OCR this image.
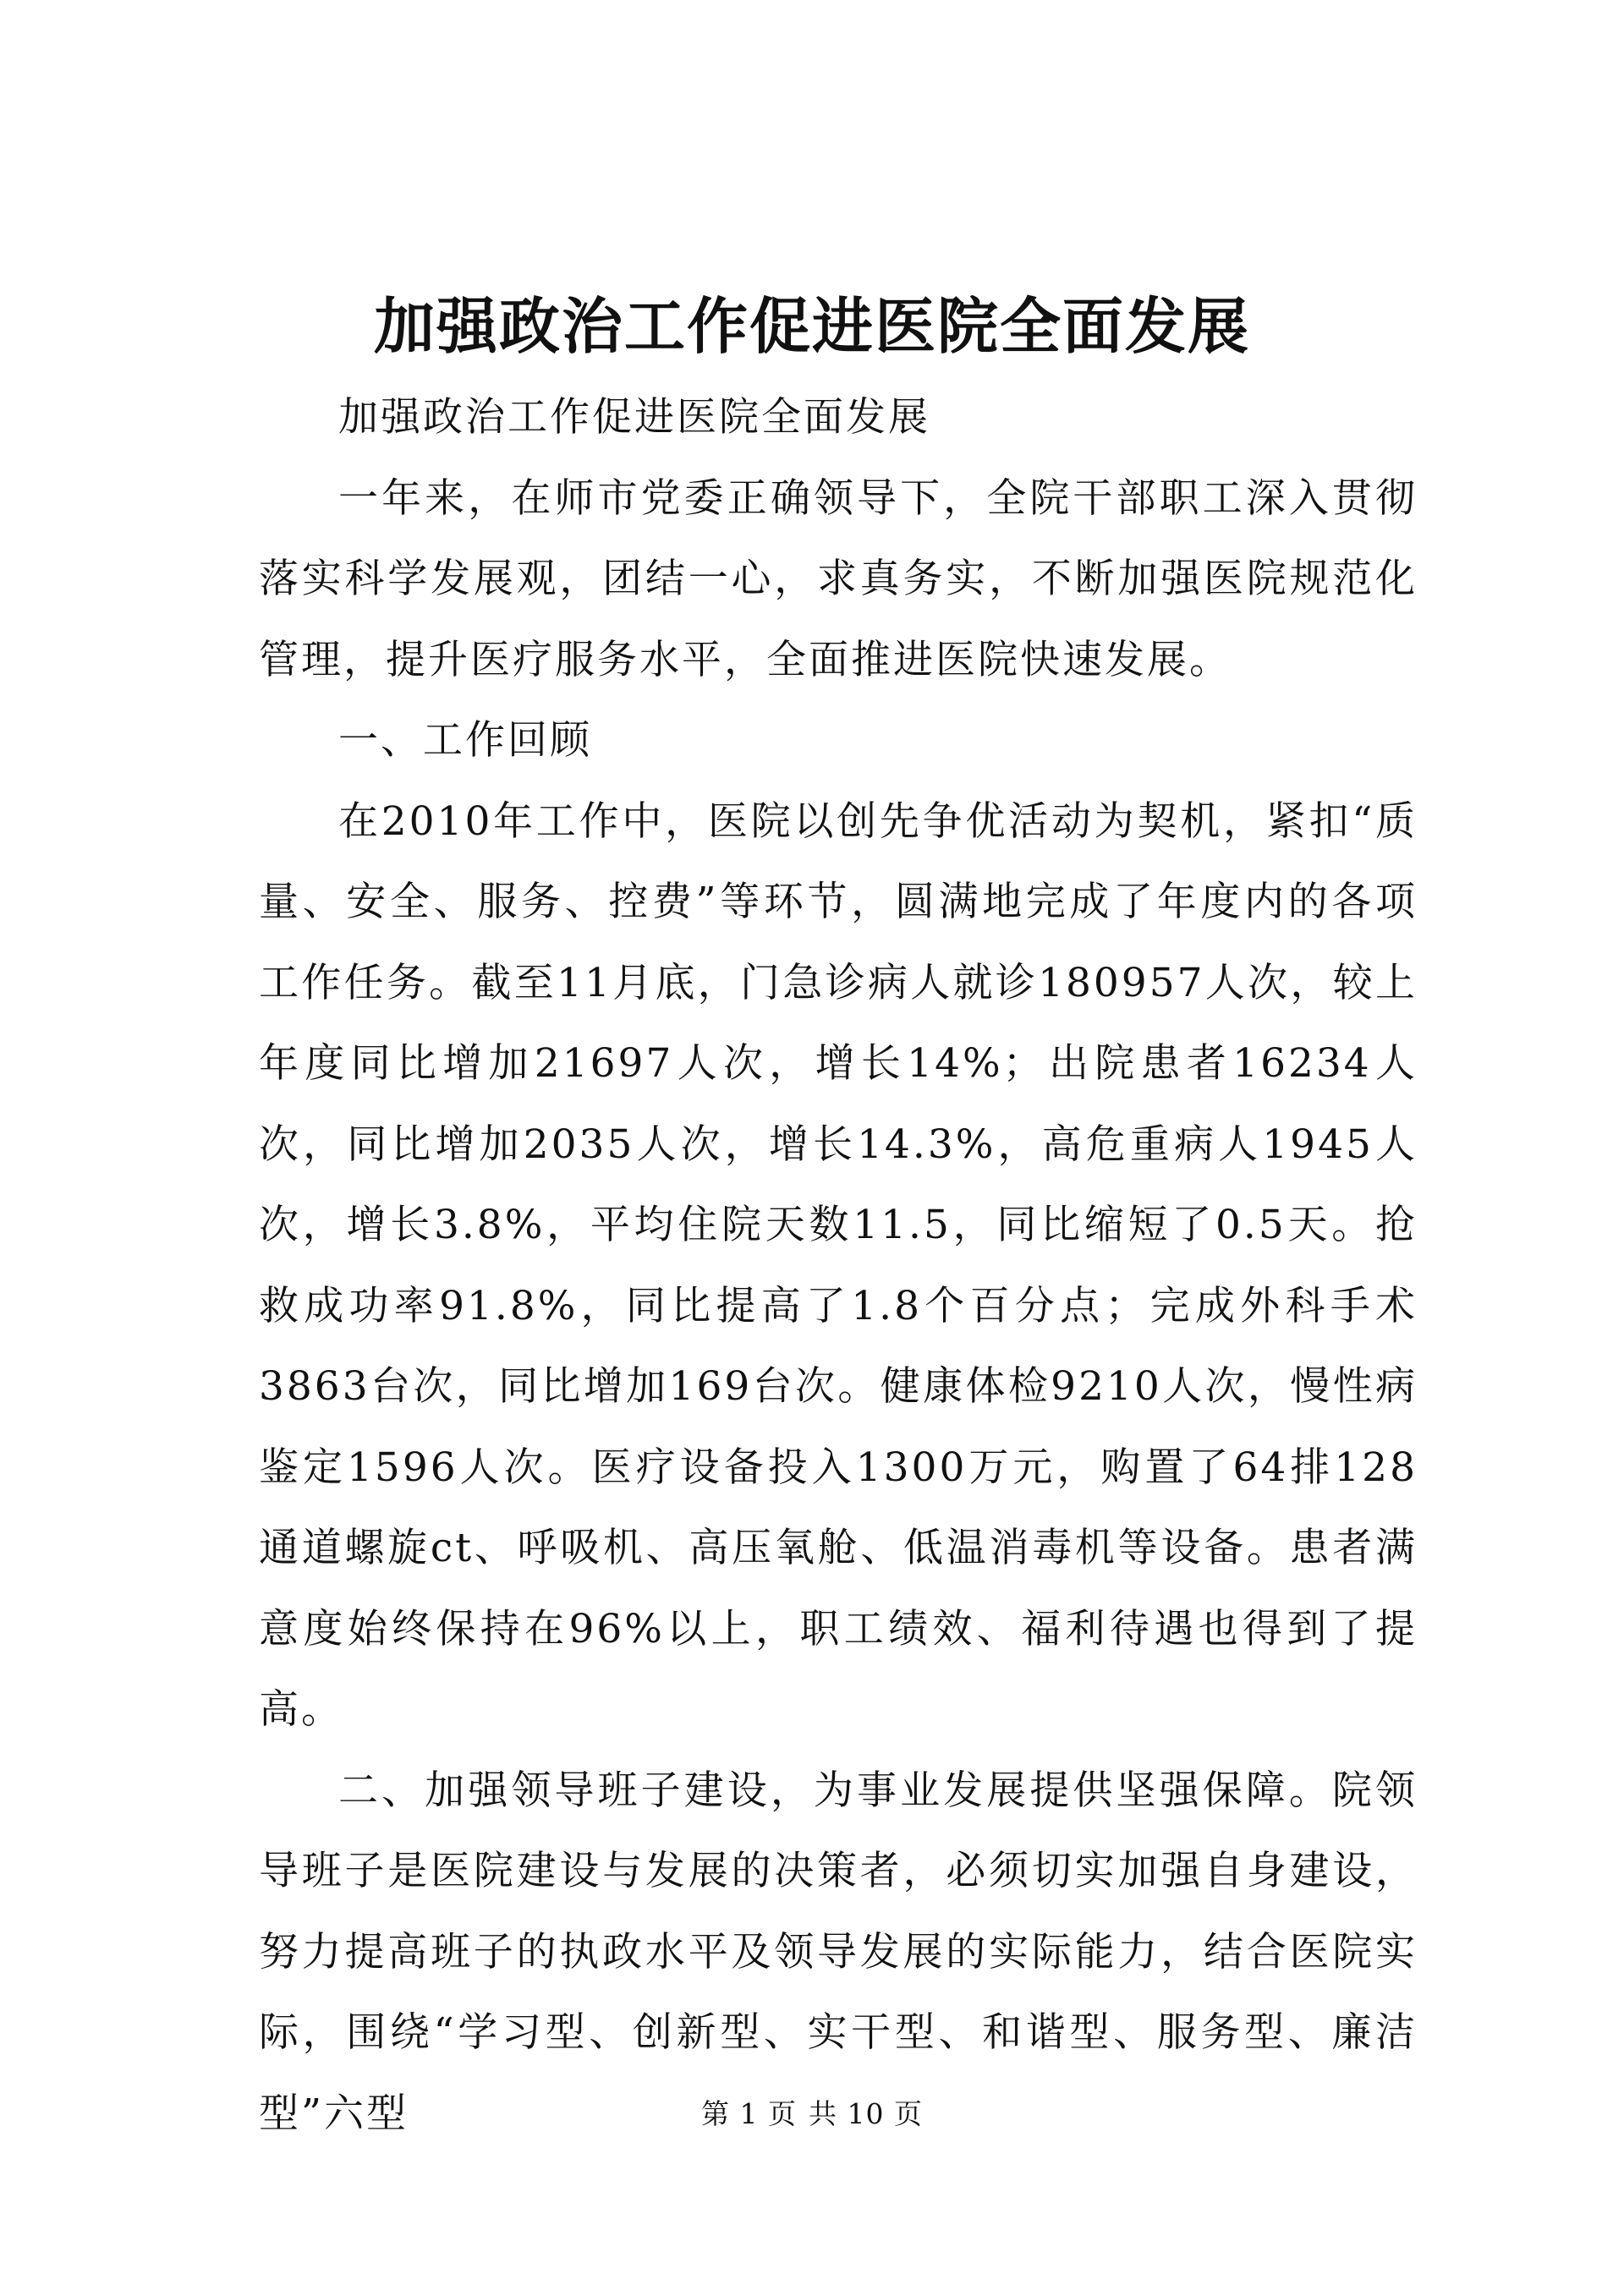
加强政治工作促进医院全面发展

加强政治工作促进医院全面发展

一年来，在师市党委正确领导下，全院干部职工深入贯彻落实科学发展观，团结一心，求真务实，不断加强医院规范化管理，提升医疗服务水平，全面推进医院快速发展。

一、工作回顾

在2010年工作中，医院以创先争优活动为契机，紧扣“质量、安全、服务、控费”等环节，圆满地完成了年度内的各项工作任务。截至11月底，门急诊病人就诊180957人次，较上年度同比增加21697人次，增长14%；出院患者16234人次，同比增加2035人次，增长14.3%，高危重病人1945人次，增长3.8%，平均住院天数11.5，同比缩短了0.5天。抢救成功率91.8%，同比提高了1.8个百分点；完成外科手术3863台次，同比增加169台次。健康体检9210人次，慢性病鉴定1596人次。医疗设备投入1300万元，购置了64排128通道螺旋ct、呼吸机、高压氧舱、低温消毒机等设备。患者满意度始终保持在96%以上，职工绩效、福利待遇也得到了提高。

二、加强领导班子建设，为事业发展提供坚强保障。院领导班子是医院建设与发展的决策者，必须切实加强自身建设，努力提高班子的执政水平及领导发展的实际能力，结合医院实际，围绕“学习型、创新型、实干型、和谐型、服务型、廉洁型”六型	第 1 页 共 10 页
